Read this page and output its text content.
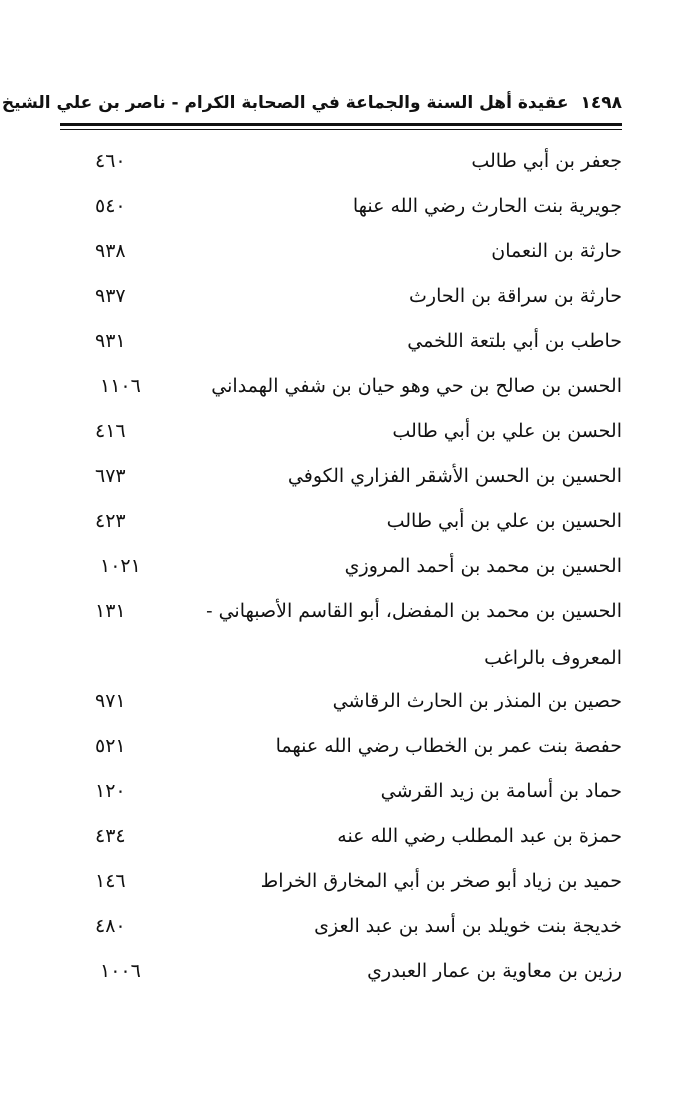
١٤٩٨
عقيدة أهل السنة والجماعة في الصحابة الكرام - ناصر بن علي الشيخ
جعفر بن أبي طالب
٤٦٠
جويرية بنت الحارث رضي الله عنها
٥٤٠
حارثة بن النعمان
٩٣٨
حارثة بن سراقة بن الحارث
٩٣٧
حاطب بن أبي بلتعة اللخمي
٩٣١
الحسن بن صالح بن حي وهو حيان بن شفي الهمداني
١١٠٦
الحسن بن علي بن أبي طالب
٤١٦
الحسين بن الحسن الأشقر الفزاري الكوفي
٦٧٣
الحسين بن علي بن أبي طالب
٤٢٣
الحسين بن محمد بن أحمد المروزي
١٠٢١
الحسين بن محمد بن المفضل، أبو القاسم الأصبهاني -
١٣١
المعروف بالراغب
حصين بن المنذر بن الحارث الرقاشي
٩٧١
حفصة بنت عمر بن الخطاب رضي الله عنهما
٥٢١
حماد بن أسامة بن زيد القرشي
١٢٠
حمزة بن عبد المطلب رضي الله عنه
٤٣٤
حميد بن زياد أبو صخر بن أبي المخارق الخراط
١٤٦
خديجة بنت خويلد بن أسد بن عبد العزى
٤٨٠
رزين بن معاوية بن عمار العبدري
١٠٠٦
